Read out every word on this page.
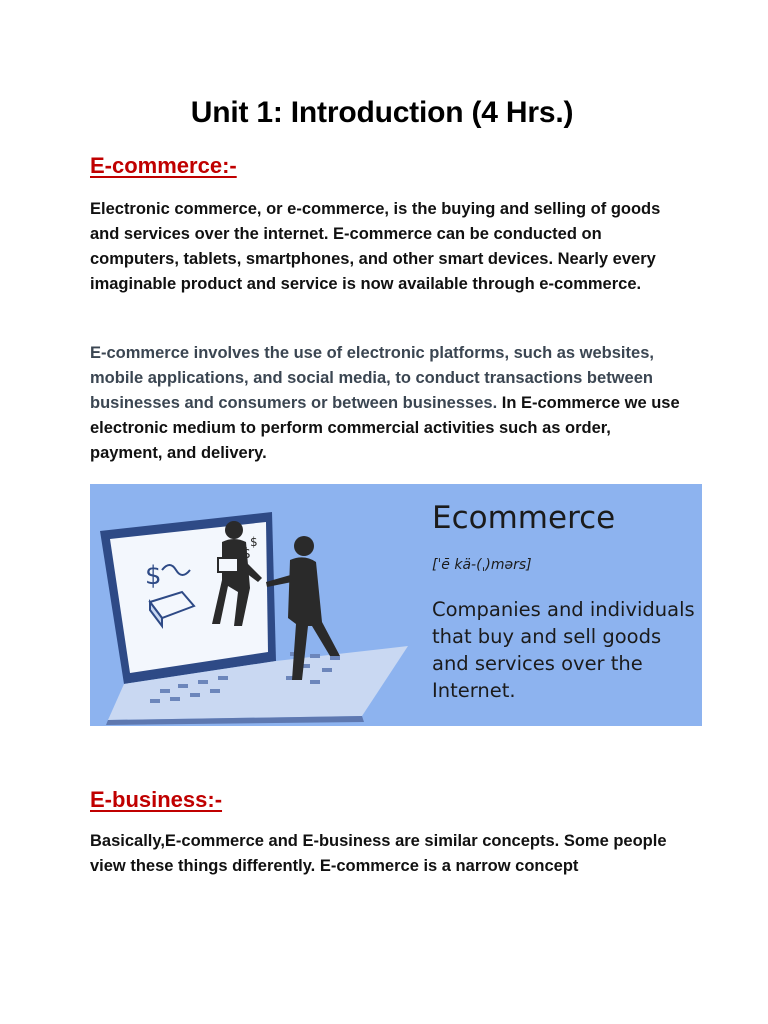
Unit 1: Introduction (4 Hrs.)
E-commerce:-

Electronic commerce, or e-commerce, is the buying and selling of goods and services over the internet. E-commerce can be conducted on computers, tablets, smartphones, and other smart devices. Nearly every imaginable product and service is now available through e-commerce.

E-commerce involves the use of electronic platforms, such as websites, mobile applications, and social media, to conduct transactions between businesses and consumers or between businesses. In E-commerce we use electronic medium to perform commercial activities such as order, payment, and delivery.

$
$
$
Ecommerce
[ˈē kä-(ˌ)mərs]
Companies and individuals that buy and sell goods and services over the Internet.
E-business:-

Basically,E-commerce and E-business are similar concepts. Some people view these things differently. E-commerce is a narrow concept
